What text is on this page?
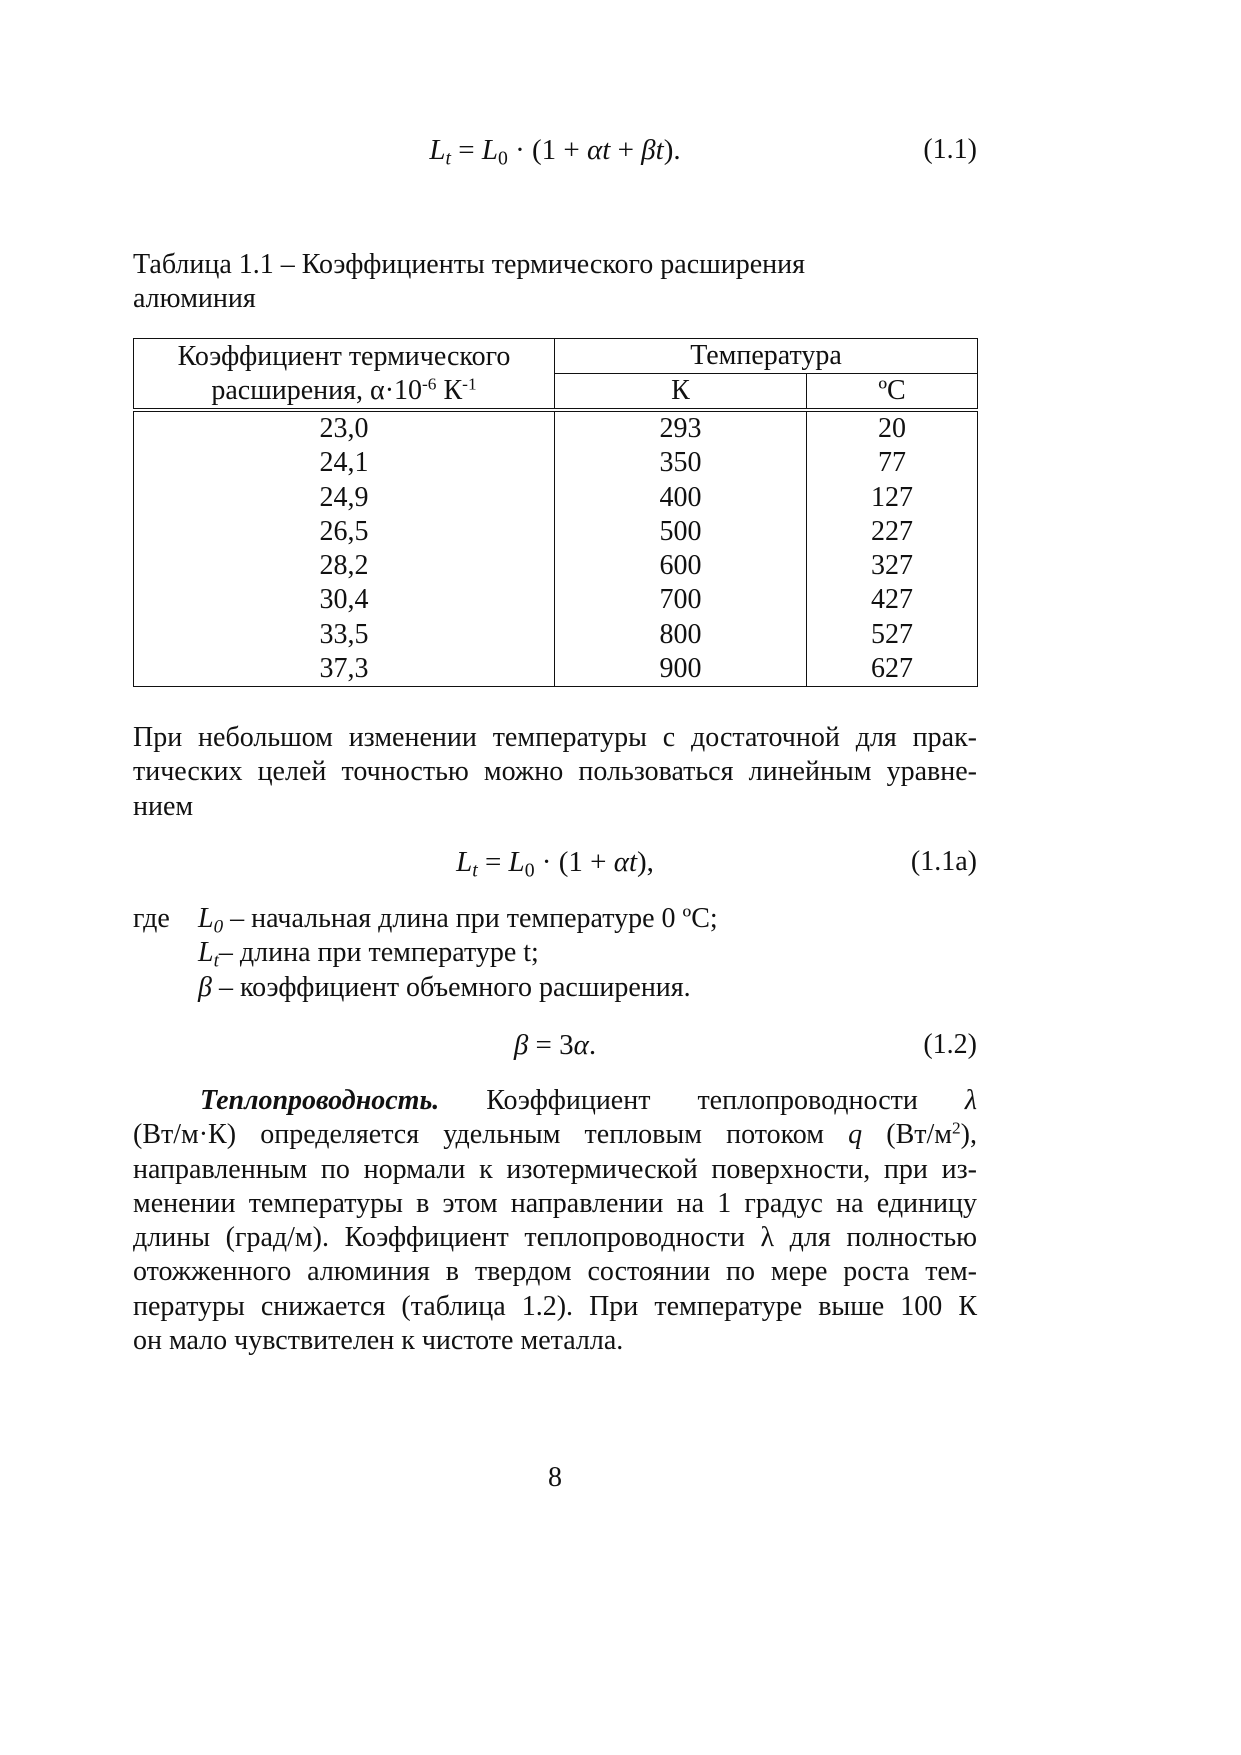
Lt = L0 · (1 + αt + βt).	(1.1)
Таблица 1.1 – Коэффициенты термического расширения
алюминия
Коэффициент термического
расширения, $\alpha\cdot 10^{-6}$ $К^{-1}$	Температура	
	К	ºC
23,0	293	20
24,1	350	77
24,9	400	127
26,5	500	227
28,2	600	327
30,4	700	427
33,5	800	527
37,3	900	627
При небольшом изменении температуры с достаточной для прак-
тических целей точностью можно пользоваться линейным уравне-
нием
Lt = L0 · (1 + αt),	(1.1a)
где L0 – начальная длина при температуре 0 ºC;
Lt– длина при температуре t;
β – коэффициент объемного расширения.
β = 3α.	(1.2)
Теплопроводность. Коэффициент теплопроводности λ
(Вт/м·К) определяется удельным тепловым потоком q $(Вт/м^2)$,
направленным по нормали к изотермической поверхности, при из-
менении температуры в этом направлении на 1 градус на единицу
длины (град/м). Коэффициент теплопроводности λ для полностью
отожженного алюминия в твердом состоянии по мере роста тем-
пературы снижается (таблица 1.2). При температуре выше 100 К
он мало чувствителен к чистоте металла.
8
